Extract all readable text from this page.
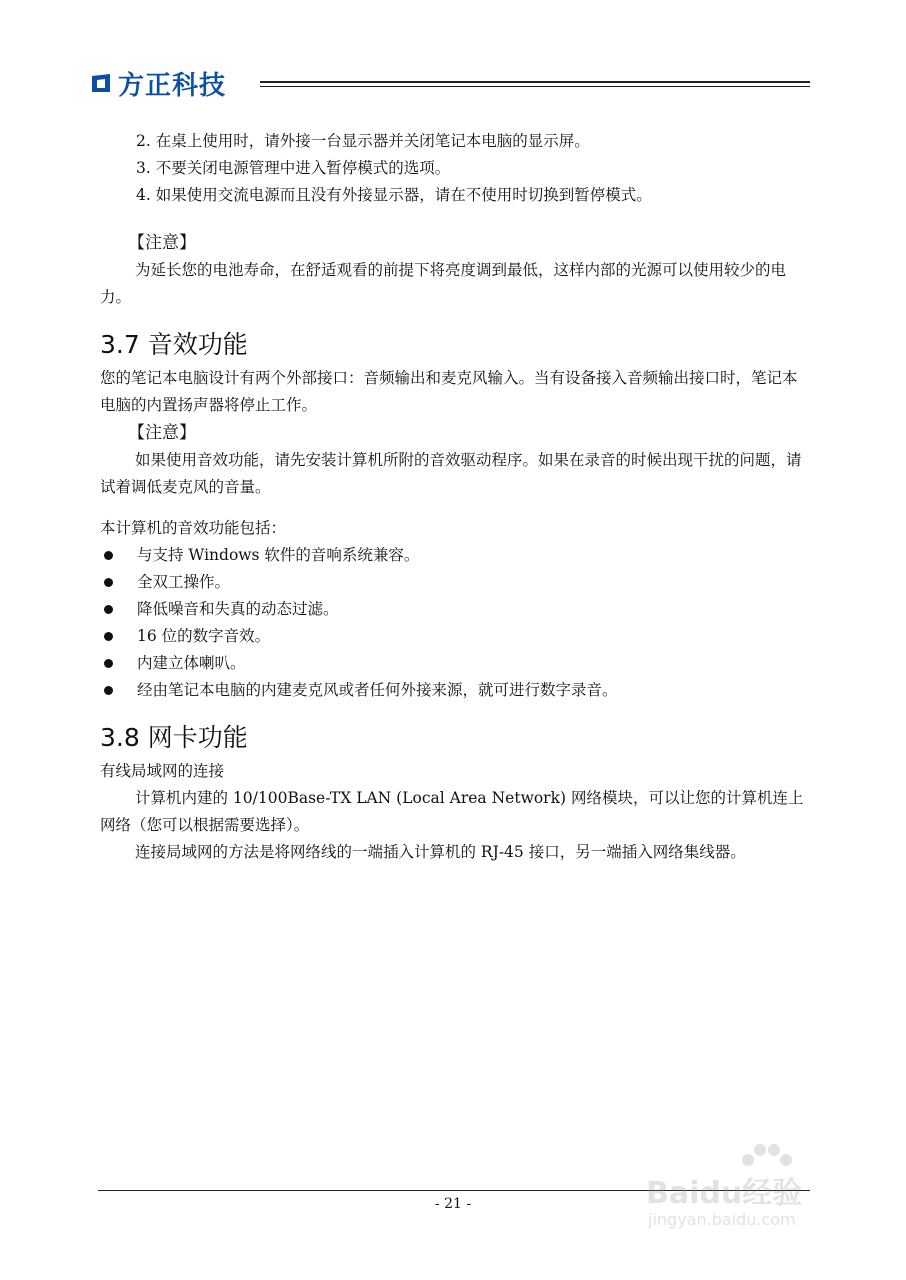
方正科技

2. 在桌上使用时，请外接一台显示器并关闭笔记本电脑的显示屏。

3. 不要关闭电源管理中进入暂停模式的选项。

4. 如果使用交流电源而且没有外接显示器，请在不使用时切换到暂停模式。

【注意】

为延长您的电池寿命，在舒适观看的前提下将亮度调到最低，这样内部的光源可以使用较少的电力。

3.7 音效功能

您的笔记本电脑设计有两个外部接口：音频输出和麦克风输入。当有设备接入音频输出接口时，笔记本电脑的内置扬声器将停止工作。

【注意】

如果使用音效功能，请先安装计算机所附的音效驱动程序。如果在录音的时候出现干扰的问题，请试着调低麦克风的音量。

本计算机的音效功能包括：

与支持 Windows 软件的音响系统兼容。
全双工操作。
降低噪音和失真的动态过滤。
16 位的数字音效。
内建立体喇叭。
经由笔记本电脑的内建麦克风或者任何外接来源，就可进行数字录音。
3.8 网卡功能

有线局域网的连接

计算机内建的 10/100Base-TX LAN (Local Area Network) 网络模块，可以让您的计算机连上网络（您可以根据需要选择）。

连接局域网的方法是将网络线的一端插入计算机的 RJ-45 接口，另一端插入网络集线器。

- 21 -	Baidu经验
jingyan.baidu.com
